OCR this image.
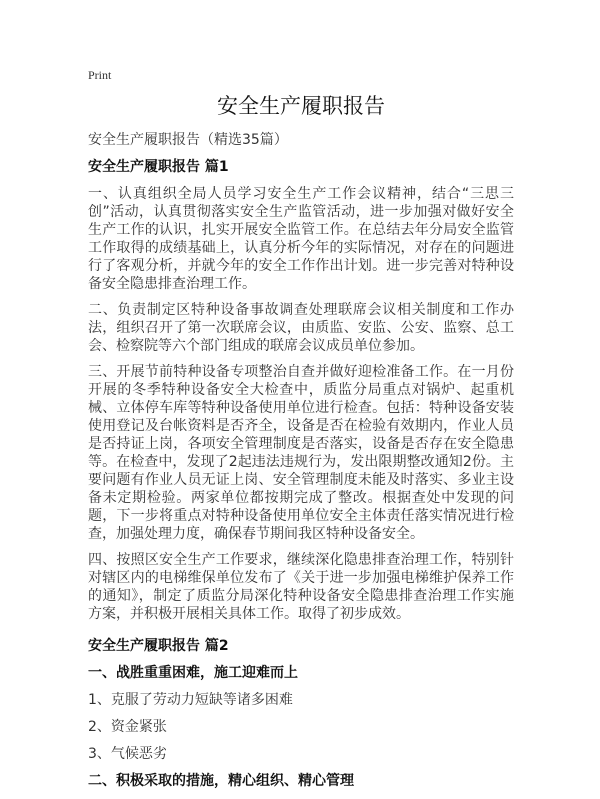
Print
安全生产履职报告

安全生产履职报告（精选35篇）

安全生产履职报告 篇1

一、认真组织全局人员学习安全生产工作会议精神，结合“三思三创”活动，认真贯彻落实安全生产监管活动，进一步加强对做好安全生产工作的认识，扎实开展安全监管工作。在总结去年分局安全监管工作取得的成绩基础上，认真分析今年的实际情况，对存在的问题进行了客观分析，并就今年的安全工作作出计划。进一步完善对特种设备安全隐患排查治理工作。

二、负责制定区特种设备事故调查处理联席会议相关制度和工作办法，组织召开了第一次联席会议，由质监、安监、公安、监察、总工会、检察院等六个部门组成的联席会议成员单位参加。

三、开展节前特种设备专项整治自查并做好迎检准备工作。在一月份开展的冬季特种设备安全大检查中，质监分局重点对锅炉、起重机械、立体停车库等特种设备使用单位进行检查。包括：特种设备安装使用登记及台帐资料是否齐全，设备是否在检验有效期内，作业人员是否持证上岗，各项安全管理制度是否落实，设备是否存在安全隐患等。在检查中，发现了2起违法违规行为，发出限期整改通知2份。主要问题有作业人员无证上岗、安全管理制度未能及时落实、多业主设备未定期检验。两家单位都按期完成了整改。根据查处中发现的问题，下一步将重点对特种设备使用单位安全主体责任落实情况进行检查，加强处理力度，确保春节期间我区特种设备安全。

四、按照区安全生产工作要求，继续深化隐患排查治理工作，特别针对辖区内的电梯维保单位发布了《关于进一步加强电梯维护保养工作的通知》，制定了质监分局深化特种设备安全隐患排查治理工作实施方案，并积极开展相关具体工作。取得了初步成效。

安全生产履职报告 篇2

一、战胜重重困难，施工迎难而上

1、克服了劳动力短缺等诸多困难

2、资金紧张

3、气候恶劣

二、积极采取的措施，精心组织、精心管理
